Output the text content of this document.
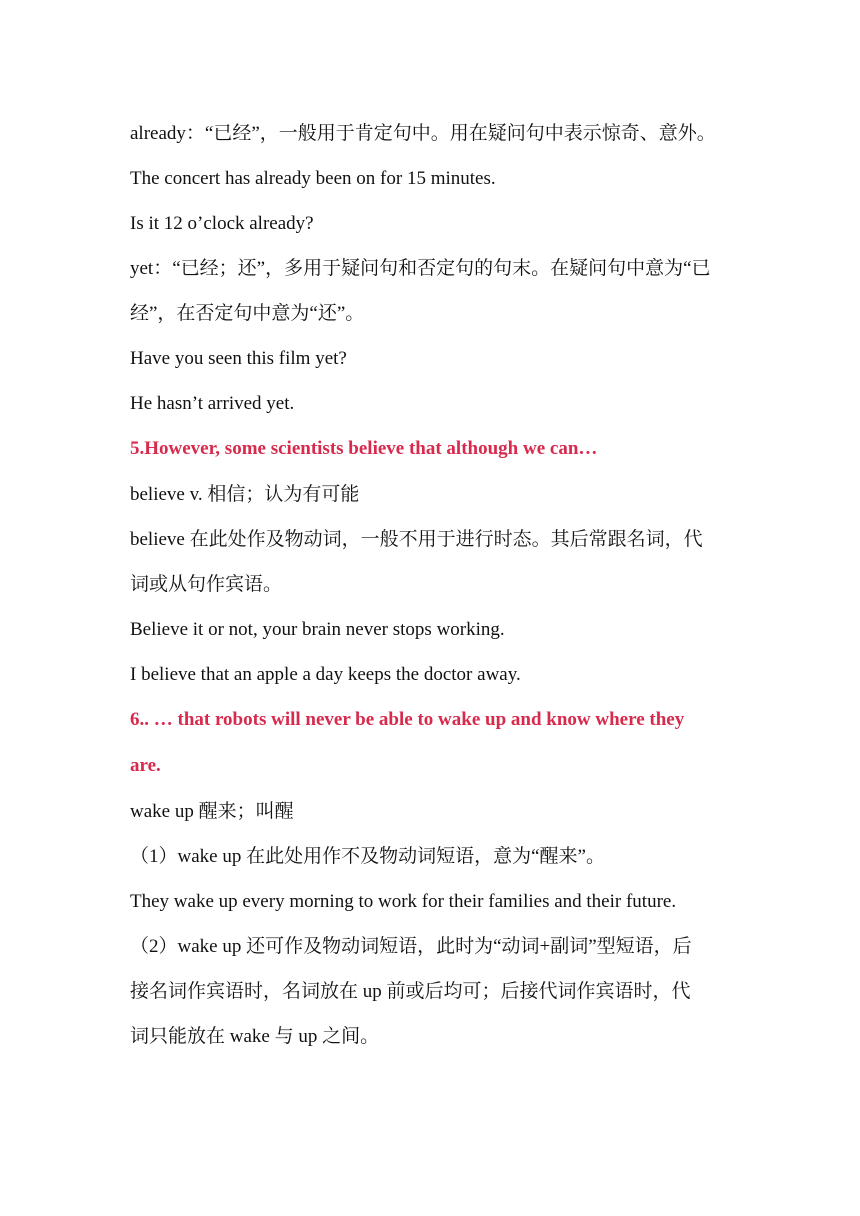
already：“已经”，一般用于肯定句中。用在疑问句中表示惊奇、意外。
The concert has already been on for 15 minutes.
Is it 12 o’clock already?
yet：“已经；还”，多用于疑问句和否定句的句末。在疑问句中意为“已
经”，在否定句中意为“还”。
Have you seen this film yet?
He hasn’t arrived yet.
5.However, some scientists believe that although we can…
believe v. 相信；认为有可能
believe 在此处作及物动词，一般不用于进行时态。其后常跟名词，代
词或从句作宾语。
Believe it or not, your brain never stops working.
I believe that an apple a day keeps the doctor away.
6.. … that robots will never be able to wake up and know where they
are.
wake up 醒来；叫醒
（1）wake up 在此处用作不及物动词短语，意为“醒来”。
They wake up every morning to work for their families and their future.
（2）wake up 还可作及物动词短语，此时为“动词+副词”型短语，后
接名词作宾语时，名词放在 up 前或后均可；后接代词作宾语时，代
词只能放在 wake 与 up 之间。
